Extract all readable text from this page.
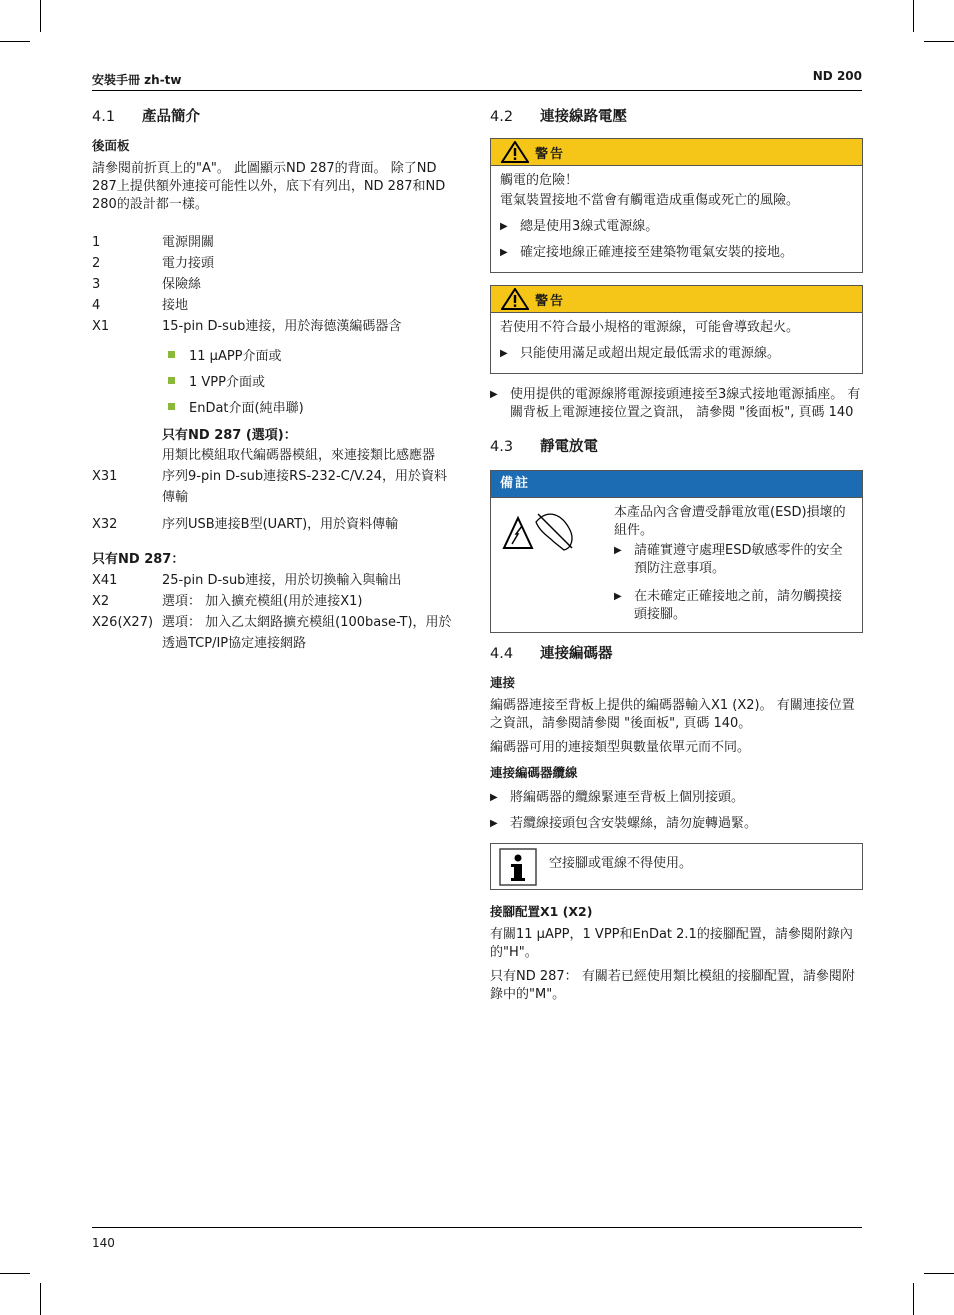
安裝手冊 zh-tw	ND 200
4.1	產品簡介
後面板

請參閱前折頁上的"A"。 此圖顯示ND 287的背面。 除了ND 287上提供額外連接可能性以外，底下有列出，ND 287和ND 280的設計都一樣。

1	電源開關
2	電力接頭
3	保險絲
4	接地
X1	15-pin D-sub連接，用於海德漢編碼器含
11 µAPP介面或
1 VPP介面或
EnDat介面(純串聯)
只有ND 287 (選項)：
用類比模組取代編碼器模組，來連接類比感應器
X31	序列9-pin D-sub連接RS-232-C/V.24，用於資料傳輸
X32	序列USB連接B型(UART)，用於資料傳輸
只有ND 287：
X41	25-pin D-sub連接，用於切換輸入與輸出
X2	選項： 加入擴充模組(用於連接X1)
X26(X27) 選項： 加入乙太網路擴充模組(100base-T)，用於透過TCP/IP協定連接網路
4.2	連接線路電壓
警告

觸電的危險！

電氣裝置接地不當會有觸電造成重傷或死亡的風險。

▶ 總是使用3線式電源線。
▶ 確定接地線正確連接至建築物電氣安裝的接地。
警告

若使用不符合最小規格的電源線，可能會導致起火。

▶ 只能使用滿足或超出規定最低需求的電源線。
▶ 使用提供的電源線將電源接頭連接至3線式接地電源插座。 有關背板上電源連接位置之資訊， 請參閱 "後面板", 頁碼 140
4.3	靜電放電
備註

本產品內含會遭受靜電放電(ESD)損壞的組件。

▶ 請確實遵守處理ESD敏感零件的安全預防注意事項。
▶ 在未確定正確接地之前，請勿觸摸接頭接腳。
4.4	連接編碼器
連接

編碼器連接至背板上提供的編碼器輸入X1 (X2)。 有關連接位置之資訊，請參閱請參閱 "後面板", 頁碼 140。

編碼器可用的連接類型與數量依單元而不同。

連接編碼器纜線
▶ 將編碼器的纜線緊連至背板上個別接頭。
▶ 若纜線接頭包含安裝螺絲，請勿旋轉過緊。
空接腳或電線不得使用。
接腳配置X1 (X2)

有關11 µAPP，1 VPP和EnDat 2.1的接腳配置，請參閱附錄內的"H"。

只有ND 287： 有關若已經使用類比模組的接腳配置，請參閱附錄中的"M"。

140
